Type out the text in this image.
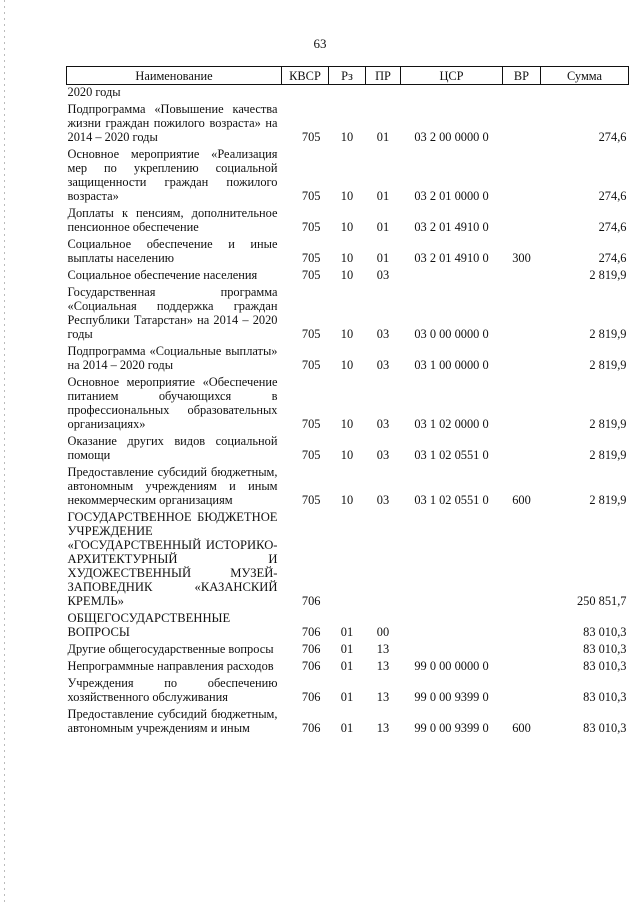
63
Наименование	КВСР	Рз	ПР	ЦСР	ВР	Сумма
2020 годы						
Подпрограмма «Повышение качества жизни граждан пожилого возраста» на 2014 – 2020 годы	705	10	01	03 2 00 0000 0		274,6
Основное мероприятие «Реализация мер по укреплению социальной защищенности граждан пожилого возраста»	705	10	01	03 2 01 0000 0		274,6
Доплаты к пенсиям, дополнительное пенсионное обеспечение	705	10	01	03 2 01 4910 0		274,6
Социальное обеспечение и иные выплаты населению	705	10	01	03 2 01 4910 0	300	274,6
Социальное обеспечение населения	705	10	03			2 819,9
Государственная программа «Социальная поддержка граждан Республики Татарстан» на 2014 – 2020 годы	705	10	03	03 0 00 0000 0		2 819,9
Подпрограмма «Социальные выплаты» на 2014 – 2020 годы	705	10	03	03 1 00 0000 0		2 819,9
Основное мероприятие «Обеспечение питанием обучающихся в профессиональных образовательных организациях»	705	10	03	03 1 02 0000 0		2 819,9
Оказание других видов социальной помощи	705	10	03	03 1 02 0551 0		2 819,9
Предоставление субсидий бюджетным, автономным учреждениям и иным некоммерческим организациям	705	10	03	03 1 02 0551 0	600	2 819,9
ГОСУДАРСТВЕННОЕ БЮДЖЕТНОЕ УЧРЕЖДЕНИЕ «ГОСУДАРСТВЕННЫЙ ИСТОРИКО-АРХИТЕКТУРНЫЙ И ХУДОЖЕСТВЕННЫЙ МУЗЕЙ-ЗАПОВЕДНИК «КАЗАНСКИЙ КРЕМЛЬ»	706					250 851,7
ОБЩЕГОСУДАРСТВЕННЫЕ ВОПРОСЫ	706	01	00			83 010,3
Другие общегосударственные вопросы	706	01	13			83 010,3
Непрограммные направления расходов	706	01	13	99 0 00 0000 0		83 010,3
Учреждения по обеспечению хозяйственного обслуживания	706	01	13	99 0 00 9399 0		83 010,3
Предоставление субсидий бюджетным, автономным учреждениям и иным	706	01	13	99 0 00 9399 0	600	83 010,3
